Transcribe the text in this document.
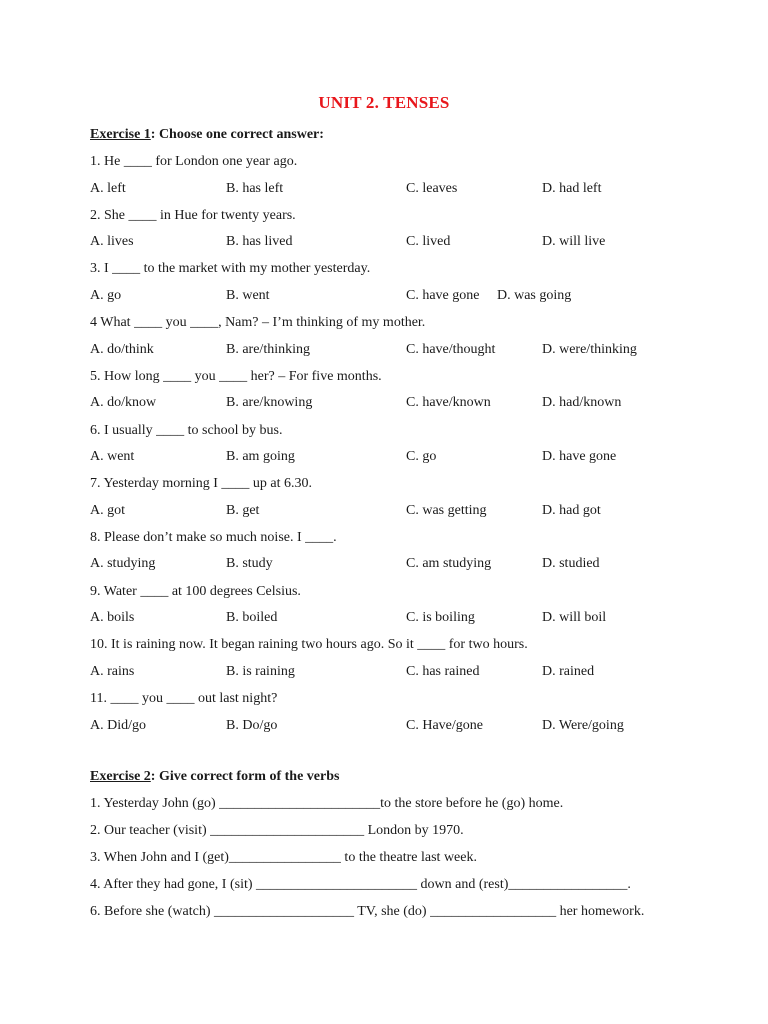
UNIT 2. TENSES
Exercise 1: Choose one correct answer:
1. He ____ for London one year ago.
A. left	B. has left	C. leaves	D. had left
2. She ____ in Hue for twenty years.
A. lives	B. has lived	C. lived	D. will live
3. I ____ to the market with my mother yesterday.
A. go	B. went	C. have gone D. was going
4 What ____ you ____, Nam? – I’m thinking of my mother.
A. do/think	B. are/thinking	C. have/thought	D. were/thinking
5. How long ____ you ____ her? – For five months.
A. do/know	B. are/knowing	C. have/known	D. had/known
6. I usually ____ to school by bus.
A. went	B. am going	C. go	D. have gone
7. Yesterday morning I ____ up at 6.30.
A. got	B. get	C. was getting	D. had got
8. Please don’t make so much noise. I ____.
A. studying	B. study	C. am studying	D. studied
9. Water ____ at 100 degrees Celsius.
A. boils	B. boiled	C. is boiling	D. will boil
10. It is raining now. It began raining two hours ago. So it ____ for two hours.
A. rains	B. is raining	C. has rained	D. rained
11. ____ you ____ out last night?
A. Did/go	B. Do/go	C. Have/gone	D. Were/going
Exercise 2: Give correct form of the verbs
1. Yesterday John (go) _______________________to the store before he (go) home.
2. Our teacher (visit) ______________________ London by 1970.
3. When John and I (get)________________ to the theatre last week.
4. After they had gone, I (sit) _______________________ down and (rest)_________________.
6. Before she (watch) ____________________ TV, she (do) __________________ her homework.
